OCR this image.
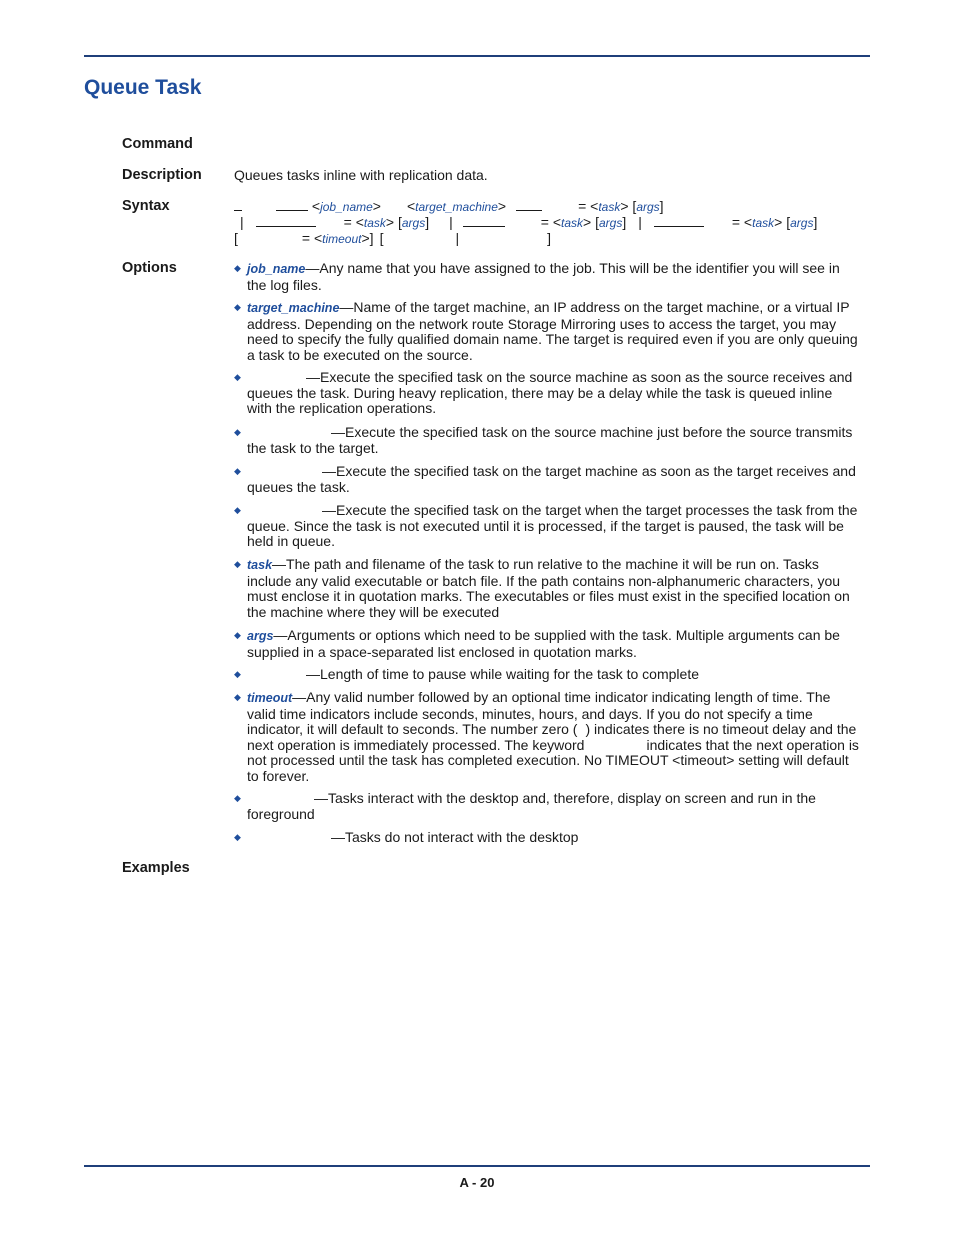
Queue Task
Command
Description Queues tasks inline with replication data.
Syntax	<job_name> <target_machine>	= <task> [args]
|	= <task> [args] |	= <task> [args] |	= <task> [args]
[	= <timeout>] [	|	]
Options	◆ job_name—Any name that you have assigned to the job. This will be the identifier you will see in the log files.
◆ target_machine—Name of the target machine, an IP address on the target machine, or a virtual IP address. Depending on the network route Storage Mirroring uses to access the target, you may need to specify the fully qualified domain name. The target is required even if you are only queuing a task to be executed on the source.
◆	—Execute the specified task on the source machine as soon as the source receives and queues the task. During heavy replication, there may be a delay while the task is queued inline with the replication operations.
◆	—Execute the specified task on the source machine just before the source transmits the task to the target.
◆	—Execute the specified task on the target machine as soon as the target receives and queues the task.
◆	—Execute the specified task on the target when the target processes the task from the queue. Since the task is not executed until it is processed, if the target is paused, the task will be held in queue.
◆ task—The path and filename of the task to run relative to the machine it will be run on. Tasks include any valid executable or batch file. If the path contains non-alphanumeric characters, you must enclose it in quotation marks. The executables or files must exist in the specified location on the machine where they will be executed
◆ args—Arguments or options which need to be supplied with the task. Multiple arguments can be supplied in a space-separated list enclosed in quotation marks.
◆	—Length of time to pause while waiting for the task to complete
◆ timeout—Any valid number followed by an optional time indicator indicating length of time. The valid time indicators include seconds, minutes, hours, and days. If you do not specify a time indicator, it will default to seconds. The number zero ( ) indicates there is no timeout delay and the next operation is immediately processed. The keyword	indicates that the next operation is not processed until the task has completed execution. No TIMEOUT <timeout> setting will default to forever.
◆	—Tasks interact with the desktop and, therefore, display on screen and run in the foreground
◆	—Tasks do not interact with the desktop
Examples
A - 20
